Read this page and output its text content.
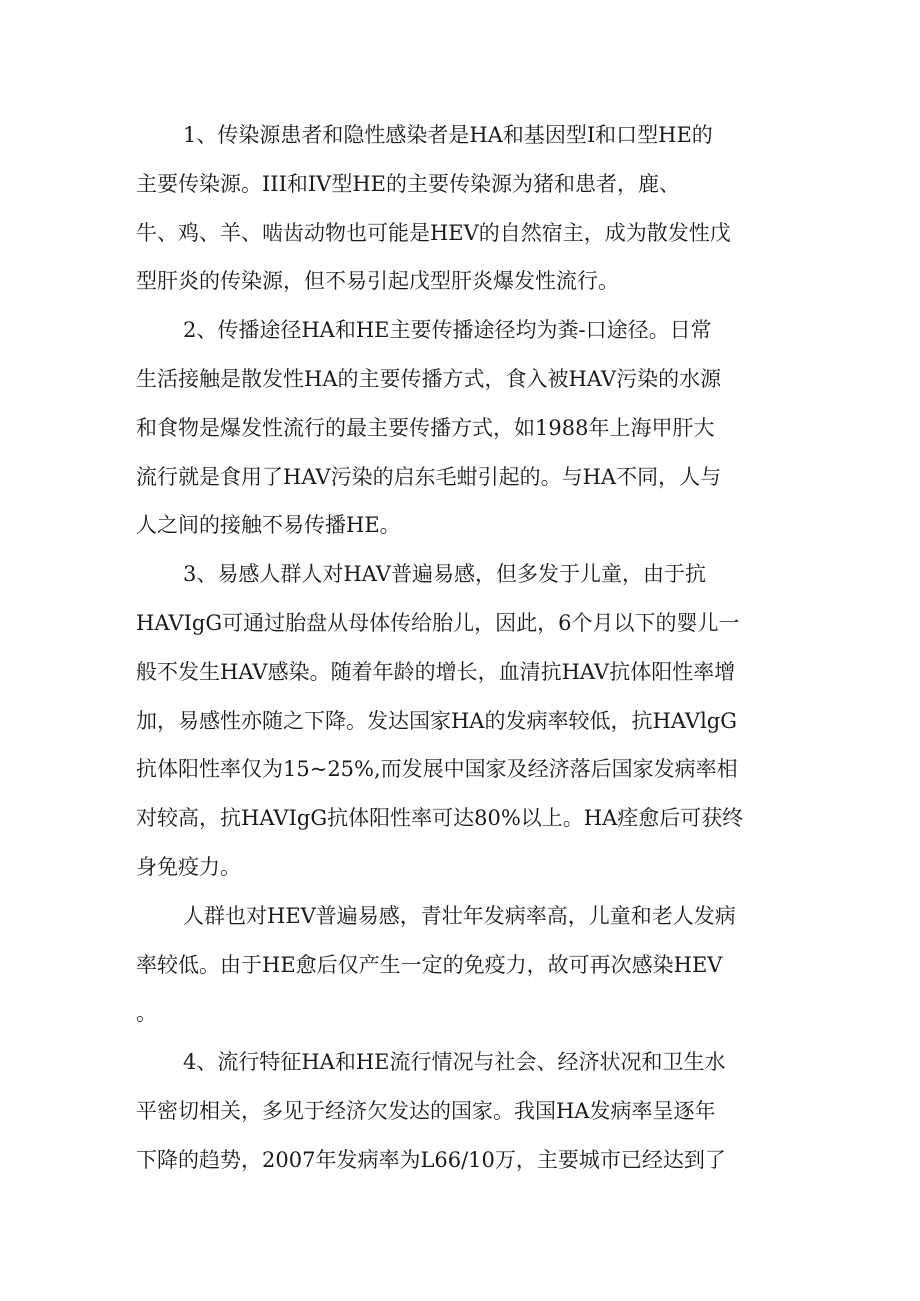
1、传染源患者和隐性感染者是HA和基因型Ⅰ和口型HE的
主要传染源。III和IV型HE的主要传染源为猪和患者，鹿、
牛、鸡、羊、啮齿动物也可能是HEV的自然宿主，成为散发性戊
型肝炎的传染源，但不易引起戊型肝炎爆发性流行。
2、传播途径HA和HE主要传播途径均为粪-口途径。日常
生活接触是散发性HA的主要传播方式，食入被HAV污染的水源
和食物是爆发性流行的最主要传播方式，如1988年上海甲肝大
流行就是食用了HAV污染的启东毛蚶引起的。与HA不同，人与
人之间的接触不易传播HE。
3、易感人群人对HAV普遍易感，但多发于儿童，由于抗
HAVIgG可通过胎盘从母体传给胎儿，因此，6个月以下的婴儿一
般不发生HAV感染。随着年龄的增长，血清抗HAV抗体阳性率增
加，易感性亦随之下降。发达国家HA的发病率较低，抗HAVlgG
抗体阳性率仅为15~25%,而发展中国家及经济落后国家发病率相
对较高，抗HAVIgG抗体阳性率可达80%以上。HA痊愈后可获终
身免疫力。
人群也对HEV普遍易感，青壮年发病率高，儿童和老人发病
率较低。由于HE愈后仅产生一定的免疫力，故可再次感染HEV
。
4、流行特征HA和HE流行情况与社会、经济状况和卫生水
平密切相关，多见于经济欠发达的国家。我国HA发病率呈逐年
下降的趋势，2007年发病率为L66/10万，主要城市已经达到了
